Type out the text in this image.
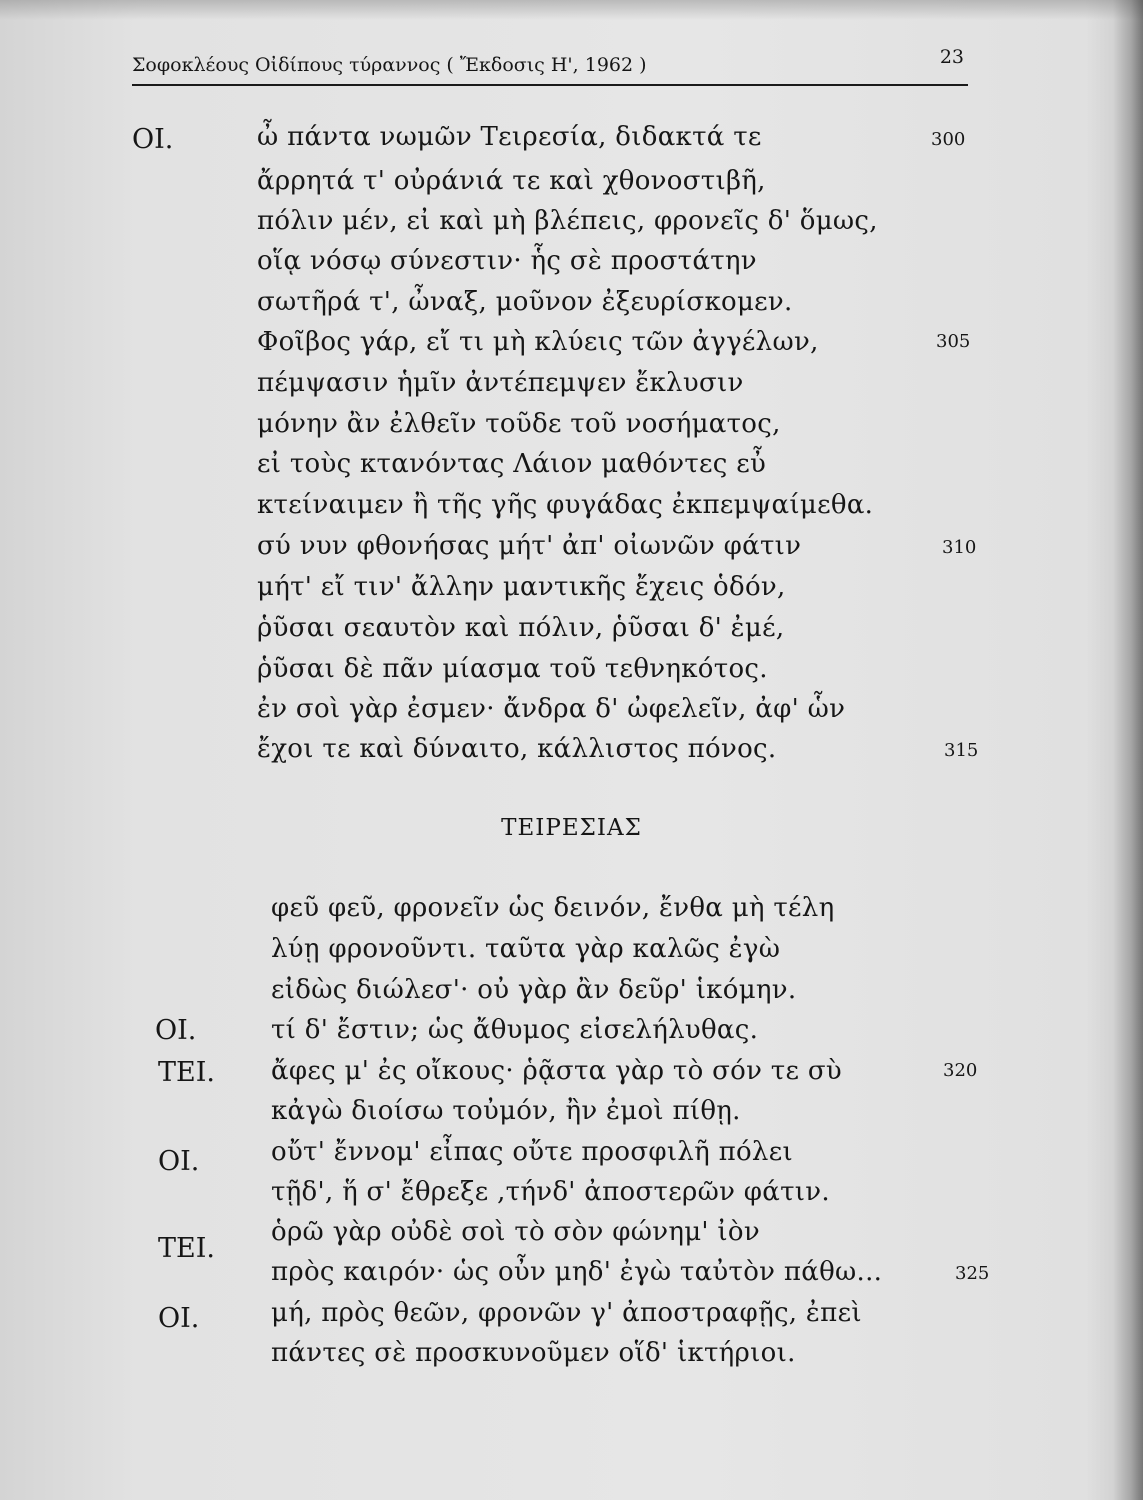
Σοφοκλέους Οἰδίπους τύραννος ( Ἔκδοσις Η', 1962 )	23
ΟΙ.
ΟΙ.
ΤΕΙ.
ΟΙ.
ΤΕΙ.
ΟΙ.
ὦ πάντα νωμῶν Τειρεσία, διδακτά τε
ἄρρητά τ' οὐράνιά τε καὶ χθονοστιβῆ,
πόλιν μέν, εἰ καὶ μὴ βλέπεις, φρονεῖς δ' ὅμως,
οἵᾳ νόσῳ σύνεστιν· ἧς σὲ προστάτην
σωτῆρά τ', ὦναξ, μοῦνον ἐξευρίσκομεν.
Φοῖβος γάρ, εἴ τι μὴ κλύεις τῶν ἀγγέλων,
πέμψασιν ἡμῖν ἀντέπεμψεν ἔκλυσιν
μόνην ἂν ἐλθεῖν τοῦδε τοῦ νοσήματος,
εἰ τοὺς κτανόντας Λάιον μαθόντες εὖ
κτείναιμεν ἢ τῆς γῆς φυγάδας ἐκπεμψαίμεθα.
σύ νυν φθονήσας μήτ' ἀπ' οἰωνῶν φάτιν
μήτ' εἴ τιν' ἄλλην μαντικῆς ἔχεις ὁδόν,
ῥῦσαι σεαυτὸν καὶ πόλιν, ῥῦσαι δ' ἐμέ,
ῥῦσαι δὲ πᾶν μίασμα τοῦ τεθνηκότος.
ἐν σοὶ γὰρ ἐσμεν· ἄνδρα δ' ὠφελεῖν, ἀφ' ὧν
ἔχοι τε καὶ δύναιτο, κάλλιστος πόνος.
ΤΕΙΡΕΣΙΑΣ
φεῦ φεῦ, φρονεῖν ὡς δεινόν, ἔνθα μὴ τέλη
λύῃ φρονοῦντι. ταῦτα γὰρ καλῶς ἐγὼ
εἰδὼς διώλεσ'· οὐ γὰρ ἂν δεῦρ' ἱκόμην.
τί δ' ἔστιν; ὡς ἄθυμος εἰσελήλυθας.
ἄφες μ' ἐς οἴκους· ῥᾷστα γὰρ τὸ σόν τε σὺ
κἀγὼ διοίσω τοὐμόν, ἢν ἐμοὶ πίθῃ.
οὔτ' ἔννομ' εἶπας οὔτε προσφιλῆ πόλει
τῇδ', ἥ σ' ἔθρεξε ,τήνδ' ἀποστερῶν φάτιν.
ὁρῶ γὰρ οὐδὲ σοὶ τὸ σὸν φώνημ' ἰὸν
πρὸς καιρόν· ὡς οὖν μηδ' ἐγὼ ταὐτὸν πάθω...
μή, πρὸς θεῶν, φρονῶν γ' ἀποστραφῇς, ἐπεὶ
πάντες σὲ προσκυνοῦμεν οἵδ' ἱκτήριοι.
300
305
310
315
320
325
